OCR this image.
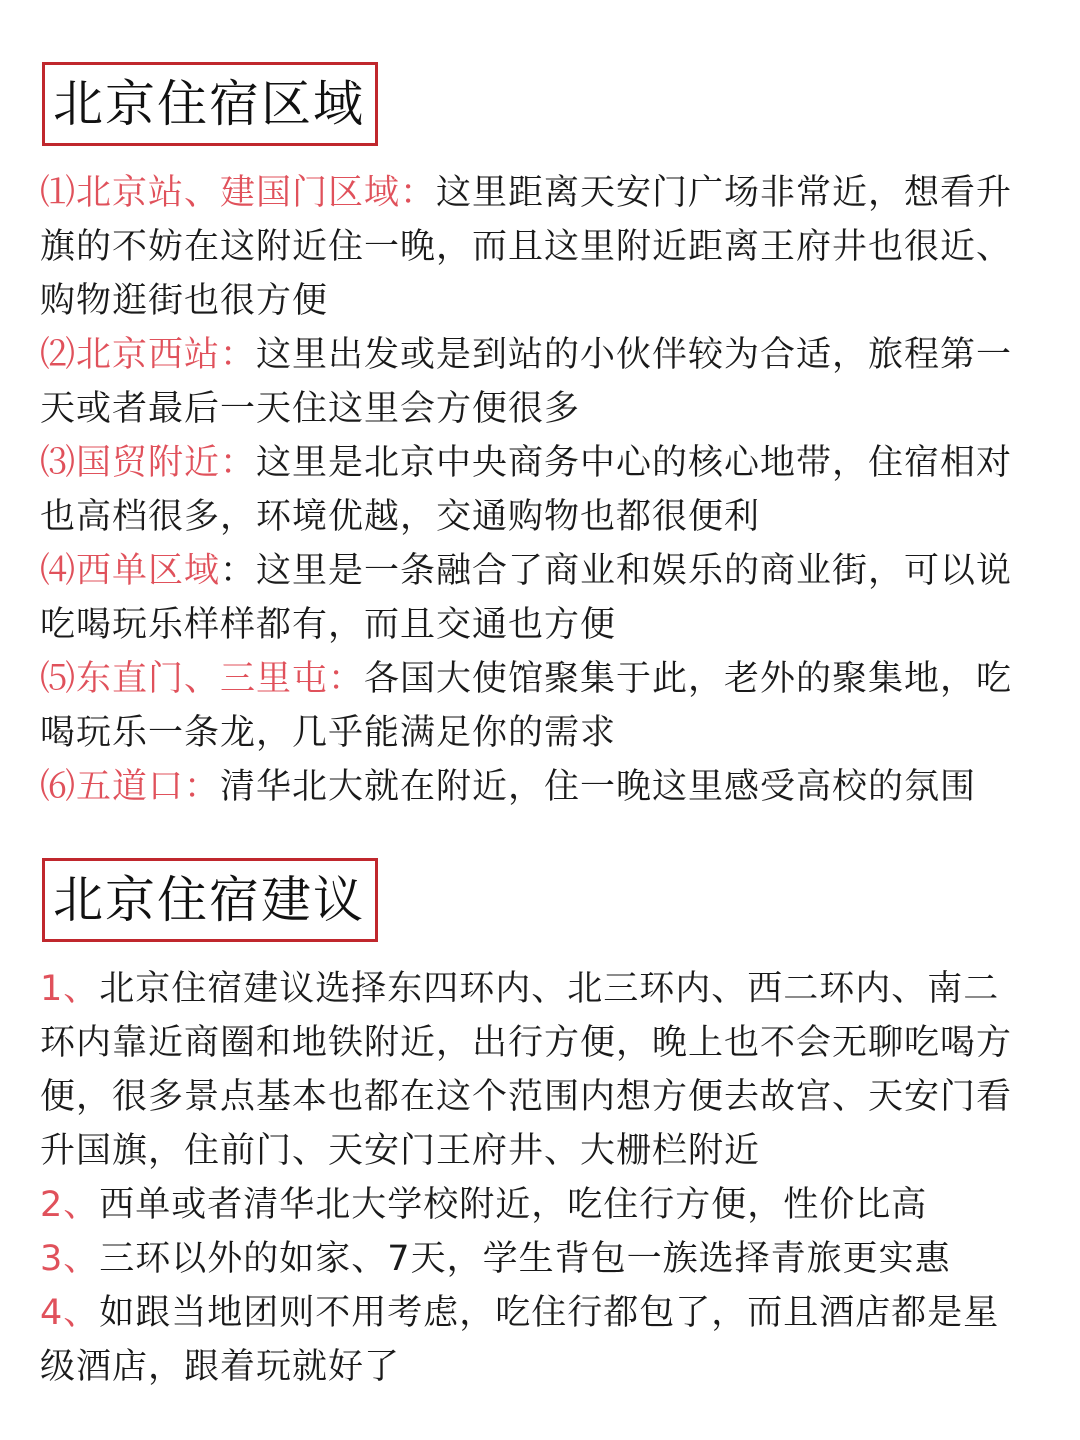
北京住宿区域

⑴北京站、建国门区域：这里距离天安门广场非常近，想看升旗的不妨在这附近住一晚，而且这里附近距离王府井也很近、购物逛街也很方便

⑵北京西站：这里出发或是到站的小伙伴较为合适，旅程第一天或者最后一天住这里会方便很多

⑶国贸附近：这里是北京中央商务中心的核心地带，住宿相对也高档很多，环境优越，交通购物也都很便利

⑷西单区域：这里是一条融合了商业和娱乐的商业街，可以说吃喝玩乐样样都有，而且交通也方便

⑸东直门、三里屯：各国大使馆聚集于此，老外的聚集地，吃喝玩乐一条龙，几乎能满足你的需求

⑹五道口：清华北大就在附近，住一晚这里感受高校的氛围

北京住宿建议

1、北京住宿建议选择东四环内、北三环内、西二环内、南二环内靠近商圈和地铁附近，出行方便，晚上也不会无聊吃喝方便，很多景点基本也都在这个范围内想方便去故宫、天安门看升国旗，住前门、天安门王府井、大栅栏附近

2、西单或者清华北大学校附近，吃住行方便，性价比高

3、三环以外的如家、7天，学生背包一族选择青旅更实惠

4、如跟当地团则不用考虑，吃住行都包了，而且酒店都是星级酒店，跟着玩就好了
